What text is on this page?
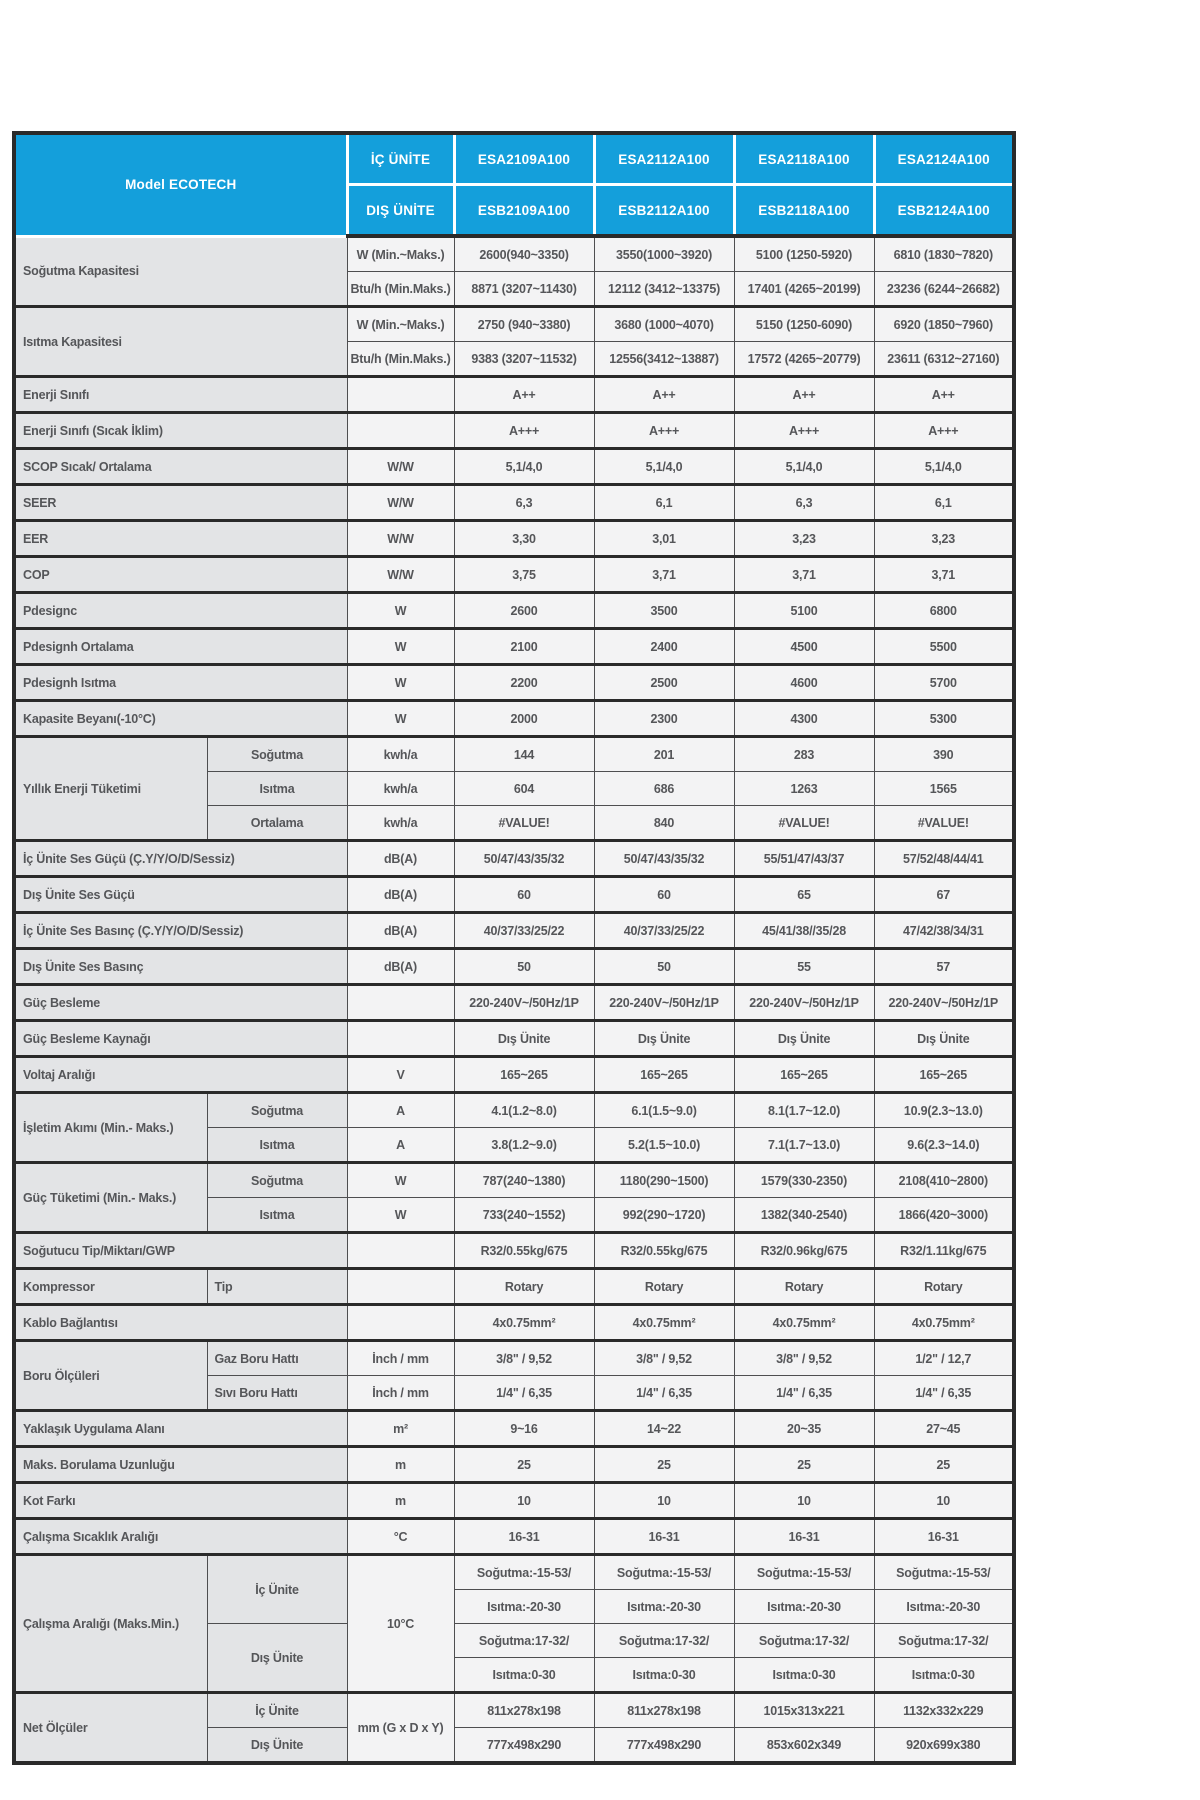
Model ECOTECH		İÇ ÜNİTE	ESA2109A100	ESA2112A100	ESA2118A100	ESA2124A100
		DIŞ ÜNİTE	ESB2109A100	ESB2112A100	ESB2118A100	ESB2124A100
Soğutma Kapasitesi		W (Min.~Maks.)	2600(940~3350)	3550(1000~3920)	5100 (1250-5920)	6810 (1830~7820)
		Btu/h (Min.Maks.)	8871 (3207~11430)	12112 (3412~13375)	17401 (4265~20199)	23236 (6244~26682)
Isıtma Kapasitesi		W (Min.~Maks.)	2750 (940~3380)	3680 (1000~4070)	5150 (1250-6090)	6920 (1850~7960)
		Btu/h (Min.Maks.)	9383 (3207~11532)	12556(3412~13887)	17572 (4265~20779)	23611 (6312~27160)
Enerji Sınıfı			A++	A++	A++	A++
Enerji Sınıfı (Sıcak İklim)			A+++	A+++	A+++	A+++
SCOP Sıcak/ Ortalama		W/W	5,1/4,0	5,1/4,0	5,1/4,0	5,1/4,0
SEER		W/W	6,3	6,1	6,3	6,1
EER		W/W	3,30	3,01	3,23	3,23
COP		W/W	3,75	3,71	3,71	3,71
Pdesignc		W	2600	3500	5100	6800
Pdesignh Ortalama		W	2100	2400	4500	5500
Pdesignh Isıtma		W	2200	2500	4600	5700
Kapasite Beyanı(-10°C)		W	2000	2300	4300	5300
Yıllık Enerji Tüketimi	Soğutma	kwh/a	144	201	283	390
	Isıtma	kwh/a	604	686	1263	1565
	Ortalama	kwh/a	#VALUE!	840	#VALUE!	#VALUE!
İç Ünite Ses Güçü (Ç.Y/Y/O/D/Sessiz)		dB(A)	50/47/43/35/32	50/47/43/35/32	55/51/47/43/37	57/52/48/44/41
Dış Ünite Ses Güçü		dB(A)	60	60	65	67
İç Ünite Ses Basınç (Ç.Y/Y/O/D/Sessiz)		dB(A)	40/37/33/25/22	40/37/33/25/22	45/41/38//35/28	47/42/38/34/31
Dış Ünite Ses Basınç		dB(A)	50	50	55	57
Güç Besleme			220-240V~/50Hz/1P	220-240V~/50Hz/1P	220-240V~/50Hz/1P	220-240V~/50Hz/1P
Güç Besleme Kaynağı			Dış Ünite	Dış Ünite	Dış Ünite	Dış Ünite
Voltaj Aralığı		V	165~265	165~265	165~265	165~265
İşletim Akımı (Min.- Maks.)	Soğutma	A	4.1(1.2~8.0)	6.1(1.5~9.0)	8.1(1.7~12.0)	10.9(2.3~13.0)
	Isıtma	A	3.8(1.2~9.0)	5.2(1.5~10.0)	7.1(1.7~13.0)	9.6(2.3~14.0)
Güç Tüketimi (Min.- Maks.)	Soğutma	W	787(240~1380)	1180(290~1500)	1579(330-2350)	2108(410~2800)
	Isıtma	W	733(240~1552)	992(290~1720)	1382(340-2540)	1866(420~3000)
Soğutucu Tip/Miktarı/GWP			R32/0.55kg/675	R32/0.55kg/675	R32/0.96kg/675	R32/1.11kg/675
Kompressor	Tip		Rotary	Rotary	Rotary	Rotary
Kablo Bağlantısı			4x0.75mm²	4x0.75mm²	4x0.75mm²	4x0.75mm²
Boru Ölçüleri	Gaz Boru Hattı	İnch / mm	3/8" / 9,52	3/8" / 9,52	3/8" / 9,52	1/2" / 12,7
	Sıvı Boru Hattı	İnch / mm	1/4" / 6,35	1/4" / 6,35	1/4" / 6,35	1/4" / 6,35
Yaklaşık Uygulama Alanı		m²	9~16	14~22	20~35	27~45
Maks. Borulama Uzunluğu		m	25	25	25	25
Kot Farkı		m	10	10	10	10
Çalışma Sıcaklık Aralığı		°C	16-31	16-31	16-31	16-31
Çalışma Aralığı (Maks.Min.)	İç Ünite	10°C	Soğutma:-15-53/	Soğutma:-15-53/	Soğutma:-15-53/	Soğutma:-15-53/
			Isıtma:-20-30	Isıtma:-20-30	Isıtma:-20-30	Isıtma:-20-30
	Dış Ünite		Soğutma:17-32/	Soğutma:17-32/	Soğutma:17-32/	Soğutma:17-32/
			Isıtma:0-30	Isıtma:0-30	Isıtma:0-30	Isıtma:0-30
Net Ölçüler	İç Ünite	mm (G x D x Y)	811x278x198	811x278x198	1015x313x221	1132x332x229
	Dış Ünite		777x498x290	777x498x290	853x602x349	920x699x380
